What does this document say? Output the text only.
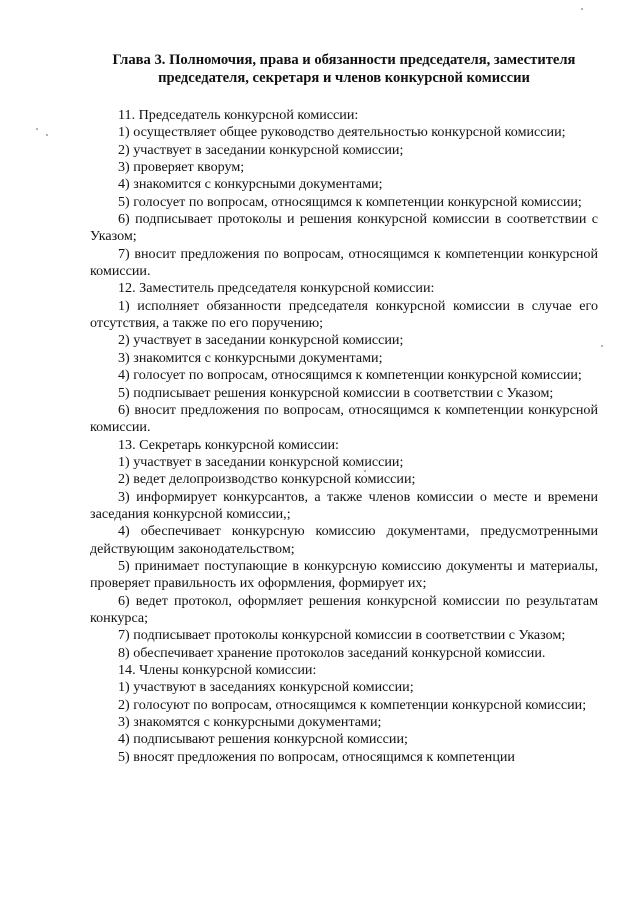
Глава 3. Полномочия, права и обязанности председателя, заместителя
председателя, секретаря и членов конкурсной комиссии

11. Председатель конкурсной комиссии:

1) осуществляет общее руководство деятельностью конкурсной комиссии;

2) участвует в заседании конкурсной комиссии;

3) проверяет кворум;

4) знакомится с конкурсными документами;

5) голосует по вопросам, относящимся к компетенции конкурсной комиссии;

6) подписывает протоколы и решения конкурсной комиссии в соответствии с Указом;

7) вносит предложения по вопросам, относящимся к компетенции конкурсной комиссии.

12. Заместитель председателя конкурсной комиссии:

1) исполняет обязанности председателя конкурсной комиссии в случае его отсутствия, а также по его поручению;

2) участвует в заседании конкурсной комиссии;

3) знакомится с конкурсными документами;

4) голосует по вопросам, относящимся к компетенции конкурсной комиссии;

5) подписывает решения конкурсной комиссии в соответствии с Указом;

6) вносит предложения по вопросам, относящимся к компетенции конкурсной комиссии.

13. Секретарь конкурсной комиссии:

1) участвует в заседании конкурсной комиссии;

2) ведет делопроизводство конкурсной комиссии;

3) информирует конкурсантов, а также членов комиссии о месте и времени заседания конкурсной комиссии,;

4) обеспечивает конкурсную комиссию документами, предусмотренными действующим законодательством;

5) принимает поступающие в конкурсную комиссию документы и материалы, проверяет правильность их оформления, формирует их;

6) ведет протокол, оформляет решения конкурсной комиссии по результатам конкурса;

7) подписывает протоколы конкурсной комиссии в соответствии с Указом;

8) обеспечивает хранение протоколов заседаний конкурсной комиссии.

14. Члены конкурсной комиссии:

1) участвуют в заседаниях конкурсной комиссии;

2) голосуют по вопросам, относящимся к компетенции конкурсной комиссии;

3) знакомятся с конкурсными документами;

4) подписывают решения конкурсной комиссии;

5) вносят предложения по вопросам, относящимся к компетенции
